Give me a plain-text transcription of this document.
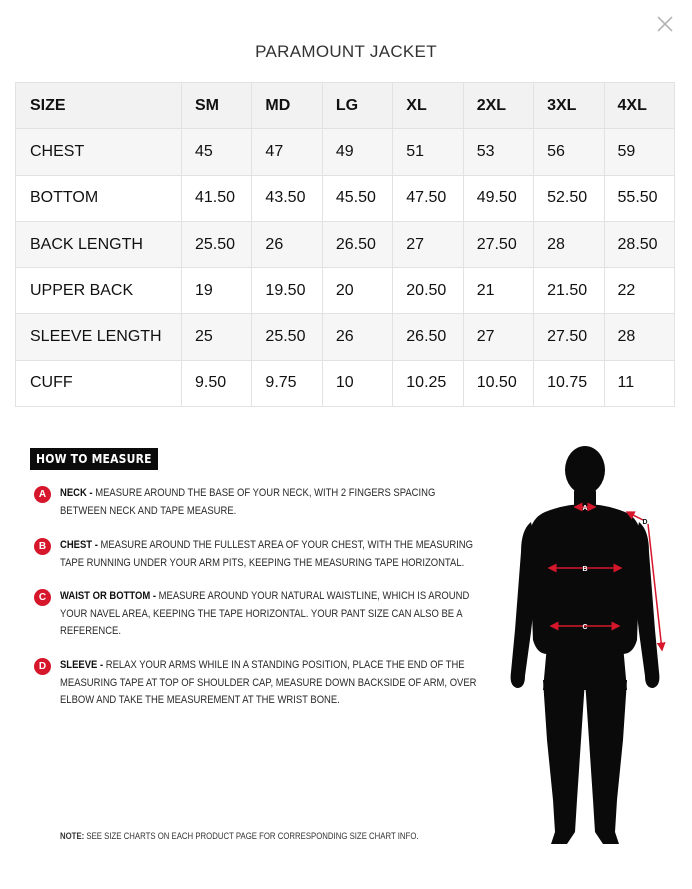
PARAMOUNT JACKET
SIZE	SM	MD	LG	XL	2XL	3XL	4XL
CHEST	45	47	49	51	53	56	59
BOTTOM	41.50	43.50	45.50	47.50	49.50	52.50	55.50
BACK LENGTH	25.50	26	26.50	27	27.50	28	28.50
UPPER BACK	19	19.50	20	20.50	21	21.50	22
SLEEVE LENGTH	25	25.50	26	26.50	27	27.50	28
CUFF	9.50	9.75	10	10.25	10.50	10.75	11
HOW TO MEASURE
A	NECK - MEASURE AROUND THE BASE OF YOUR NECK, WITH 2 FINGERS SPACING BETWEEN NECK AND TAPE MEASURE.
B	CHEST - MEASURE AROUND THE FULLEST AREA OF YOUR CHEST, WITH THE MEASURING TAPE RUNNING UNDER YOUR ARM PITS, KEEPING THE MEASURING TAPE HORIZONTAL.
C	WAIST OR BOTTOM - MEASURE AROUND YOUR NATURAL WAISTLINE, WHICH IS AROUND YOUR NAVEL AREA, KEEPING THE TAPE HORIZONTAL. YOUR PANT SIZE CAN ALSO BE A REFERENCE.
D	SLEEVE - RELAX YOUR ARMS WHILE IN A STANDING POSITION, PLACE THE END OF THE MEASURING TAPE AT TOP OF SHOULDER CAP, MEASURE DOWN BACKSIDE OF ARM, OVER ELBOW AND TAKE THE MEASUREMENT AT THE WRIST BONE.
NOTE: SEE SIZE CHARTS ON EACH PRODUCT PAGE FOR CORRESPONDING SIZE CHART INFO.
A
B
C
D
